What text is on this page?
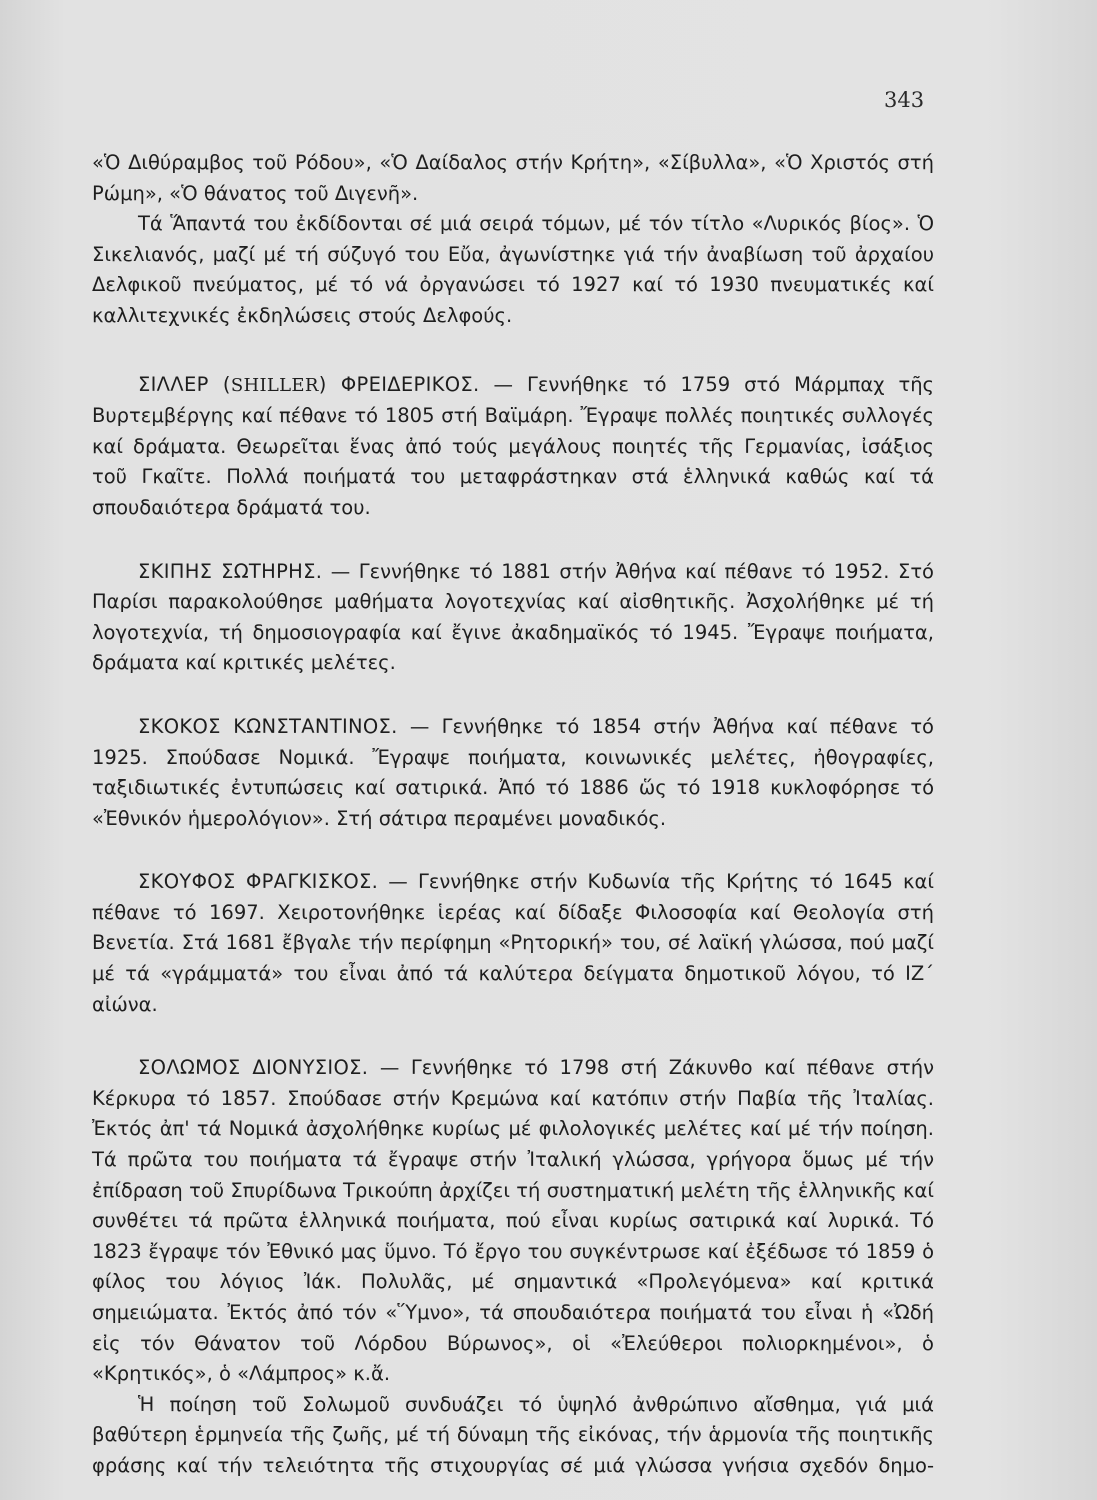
343

«Ὁ Διθύραμβος τοῦ Ρόδου», «Ὁ Δαίδαλος στήν Κρήτη», «Σίβυλλα», «Ὁ Χριστός στή Ρώμη», «Ὁ θάνατος τοῦ Διγενῆ».

Τά Ἅπαντά του ἐκδίδονται σέ μιά σειρά τόμων, μέ τόν τίτλο «Λυρικός βίος». Ὁ Σικελιανός, μαζί μέ τή σύζυγό του Εὔα, ἀγωνίστηκε γιά τήν ἀναβίωση τοῦ ἀρχαίου Δελφικοῦ πνεύματος, μέ τό νά ὀργανώσει τό 1927 καί τό 1930 πνευματικές καί καλλιτεχνικές ἐκδηλώσεις στούς Δελφούς.

ΣΙΛΛΕΡ (SHILLER) ΦΡΕΙΔΕΡΙΚΟΣ. — Γεννήθηκε τό 1759 στό Μάρμπαχ τῆς Βυρτεμβέργης καί πέθανε τό 1805 στή Βαϊμάρη. Ἔγραψε πολλές ποιητικές συλλογές καί δράματα. Θεωρεῖται ἕνας ἀπό τούς μεγάλους ποιητές τῆς Γερμανίας, ἰσάξιος τοῦ Γκαῖτε. Πολλά ποιήματά του μεταφράστηκαν στά ἑλληνικά καθώς καί τά σπουδαιότερα δράματά του.

ΣΚΙΠΗΣ ΣΩΤΗΡΗΣ. — Γεννήθηκε τό 1881 στήν Ἀθήνα καί πέθανε τό 1952. Στό Παρίσι παρακολούθησε μαθήματα λογοτεχνίας καί αἰσθητικῆς. Ἀσχολήθηκε μέ τή λογοτεχνία, τή δημοσιογραφία καί ἔγινε ἀκαδημαϊκός τό 1945. Ἔγραψε ποιήματα, δράματα καί κριτικές μελέτες.

ΣΚΟΚΟΣ ΚΩΝΣΤΑΝΤΙΝΟΣ. — Γεννήθηκε τό 1854 στήν Ἀθήνα καί πέθανε τό 1925. Σπούδασε Νομικά. Ἔγραψε ποιήματα, κοινωνικές μελέτες, ἠθογραφίες, ταξιδιωτικές ἐντυπώσεις καί σατιρικά. Ἀπό τό 1886 ὥς τό 1918 κυκλοφόρησε τό «Ἐθνικόν ἡμερολόγιον». Στή σάτιρα περαμένει μοναδικός.

ΣΚΟΥΦΟΣ ΦΡΑΓΚΙΣΚΟΣ. — Γεννήθηκε στήν Κυδωνία τῆς Κρήτης τό 1645 καί πέθανε τό 1697. Χειροτονήθηκε ἱερέας καί δίδαξε Φιλοσοφία καί Θεολογία στή Βενετία. Στά 1681 ἔβγαλε τήν περίφημη «Ρητορική» του, σέ λαϊκή γλώσσα, πού μαζί μέ τά «γράμματά» του εἶναι ἀπό τά καλύτερα δείγματα δημοτικοῦ λόγου, τό ΙΖ΄ αἰώνα.

ΣΟΛΩΜΟΣ ΔΙΟΝΥΣΙΟΣ. — Γεννήθηκε τό 1798 στή Ζάκυνθο καί πέθανε στήν Κέρκυρα τό 1857. Σπούδασε στήν Κρεμώνα καί κατόπιν στήν Παβία τῆς Ἰταλίας. Ἐκτός ἀπ' τά Νομικά ἀσχολήθηκε κυρίως μέ φιλολογικές μελέτες καί μέ τήν ποίηση. Τά πρῶτα του ποιήματα τά ἔγραψε στήν Ἰταλική γλώσσα, γρήγορα ὅμως μέ τήν ἐπίδραση τοῦ Σπυρίδωνα Τρικούπη ἀρχίζει τή συστηματική μελέτη τῆς ἑλληνικῆς καί συνθέτει τά πρῶτα ἑλληνικά ποιήματα, πού εἶναι κυρίως σατιρικά καί λυρικά. Τό 1823 ἔγραψε τόν Ἐθνικό μας ὕμνο. Τό ἔργο του συγκέντρωσε καί ἐξέδωσε τό 1859 ὁ φίλος του λόγιος Ἰάκ. Πολυλᾶς, μέ σημαντικά «Προλεγόμενα» καί κριτικά σημειώματα. Ἐκτός ἀπό τόν «Ὕμνο», τά σπουδαιότερα ποιήματά του εἶναι ἡ «Ὠδή εἰς τόν Θάνατον τοῦ Λόρδου Βύρωνος», οἱ «Ἐλεύθεροι πολιορκημένοι», ὁ «Κρητικός», ὁ «Λάμπρος» κ.ἄ.

Ἡ ποίηση τοῦ Σολωμοῦ συνδυάζει τό ὑψηλό ἀνθρώπινο αἴσθημα, γιά μιά βαθύτερη ἑρμηνεία τῆς ζωῆς, μέ τή δύναμη τῆς εἰκόνας, τήν ἁρμονία τῆς ποιητικῆς φράσης καί τήν τελειότητα τῆς στιχουργίας σέ μιά γλώσσα γνήσια σχεδόν δημο-
